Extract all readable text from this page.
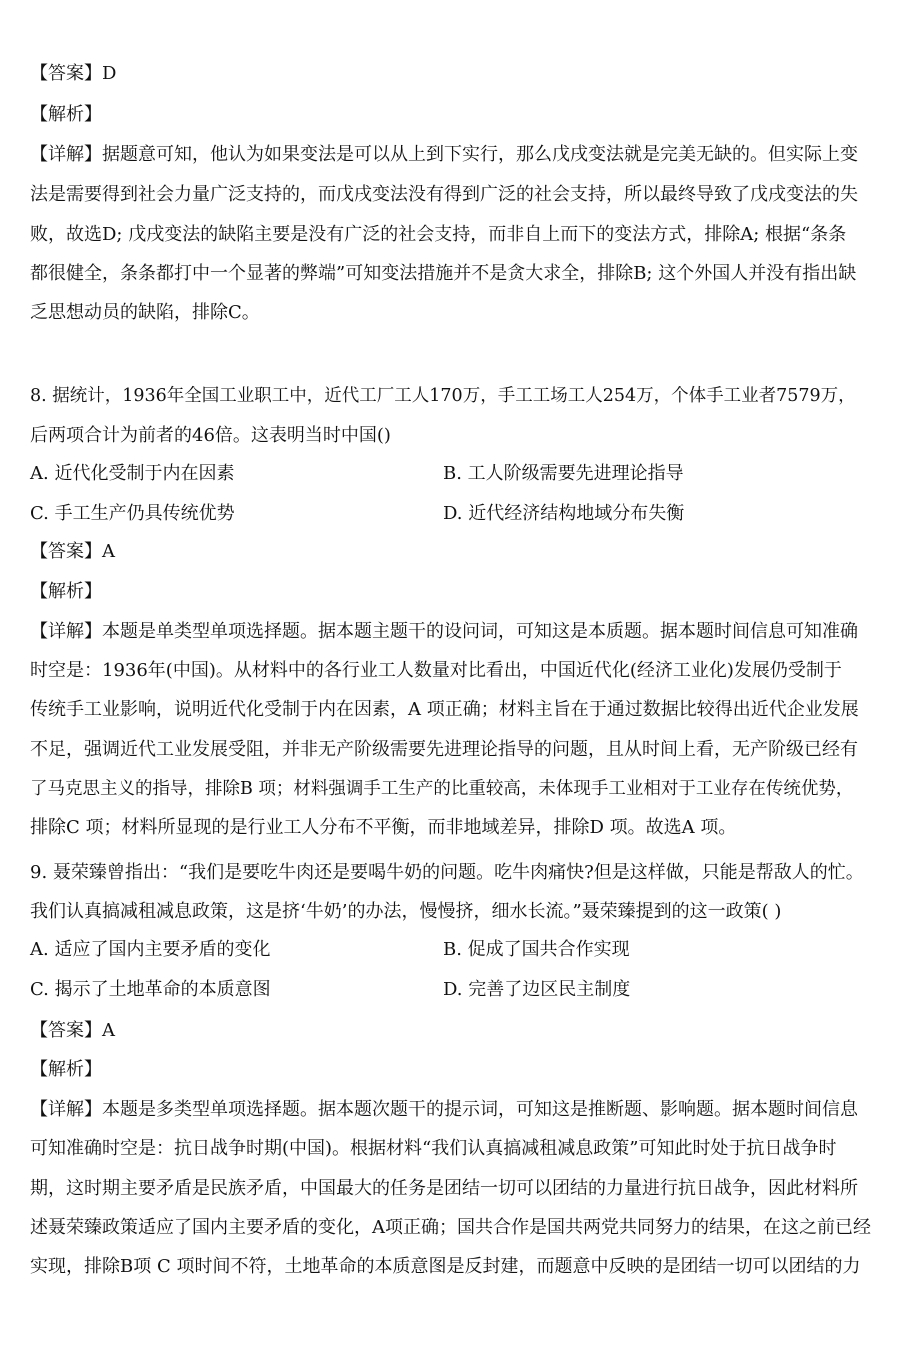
【答案】D
【解析】
【详解】据题意可知，他认为如果变法是可以从上到下实行，那么戊戌变法就是完美无缺的。但实际上变
法是需要得到社会力量广泛支持的，而戊戌变法没有得到广泛的社会支持，所以最终导致了戊戌变法的失
败，故选D; 戊戌变法的缺陷主要是没有广泛的社会支持，而非自上而下的变法方式，排除A; 根据“条条
都很健全，条条都打中一个显著的弊端”可知变法措施并不是贪大求全，排除B; 这个外国人并没有指出缺
乏思想动员的缺陷，排除C。
8. 据统计，1936年全国工业职工中，近代工厂工人170万，手工工场工人254万，个体手工业者7579万，
后两项合计为前者的46倍。这表明当时中国()
A. 近代化受制于内在因素	B. 工人阶级需要先进理论指导
C. 手工生产仍具传统优势	D. 近代经济结构地域分布失衡
【答案】A
【解析】
【详解】本题是单类型单项选择题。据本题主题干的设问词，可知这是本质题。据本题时间信息可知准确
时空是：1936年(中国)。从材料中的各行业工人数量对比看出，中国近代化(经济工业化)发展仍受制于
传统手工业影响，说明近代化受制于内在因素，A 项正确；材料主旨在于通过数据比较得出近代企业发展
不足，强调近代工业发展受阻，并非无产阶级需要先进理论指导的问题，且从时间上看，无产阶级已经有
了马克思主义的指导，排除B 项；材料强调手工生产的比重较高，未体现手工业相对于工业存在传统优势，
排除C 项；材料所显现的是行业工人分布不平衡，而非地域差异，排除D 项。故选A 项。
9. 聂荣臻曾指出：“我们是要吃牛肉还是要喝牛奶的问题。吃牛肉痛快?但是这样做，只能是帮敌人的忙。
我们认真搞减租减息政策，这是挤‘牛奶’的办法，慢慢挤，细水长流。”聂荣臻提到的这一政策( )
A. 适应了国内主要矛盾的变化	B. 促成了国共合作实现
C. 揭示了土地革命的本质意图	D. 完善了边区民主制度
【答案】A
【解析】
【详解】本题是多类型单项选择题。据本题次题干的提示词，可知这是推断题、影响题。据本题时间信息
可知准确时空是：抗日战争时期(中国)。根据材料“我们认真搞减租减息政策”可知此时处于抗日战争时
期，这时期主要矛盾是民族矛盾，中国最大的任务是团结一切可以团结的力量进行抗日战争，因此材料所
述聂荣臻政策适应了国内主要矛盾的变化，A项正确；国共合作是国共两党共同努力的结果，在这之前已经
实现，排除B项 C 项时间不符，土地革命的本质意图是反封建，而题意中反映的是团结一切可以团结的力
